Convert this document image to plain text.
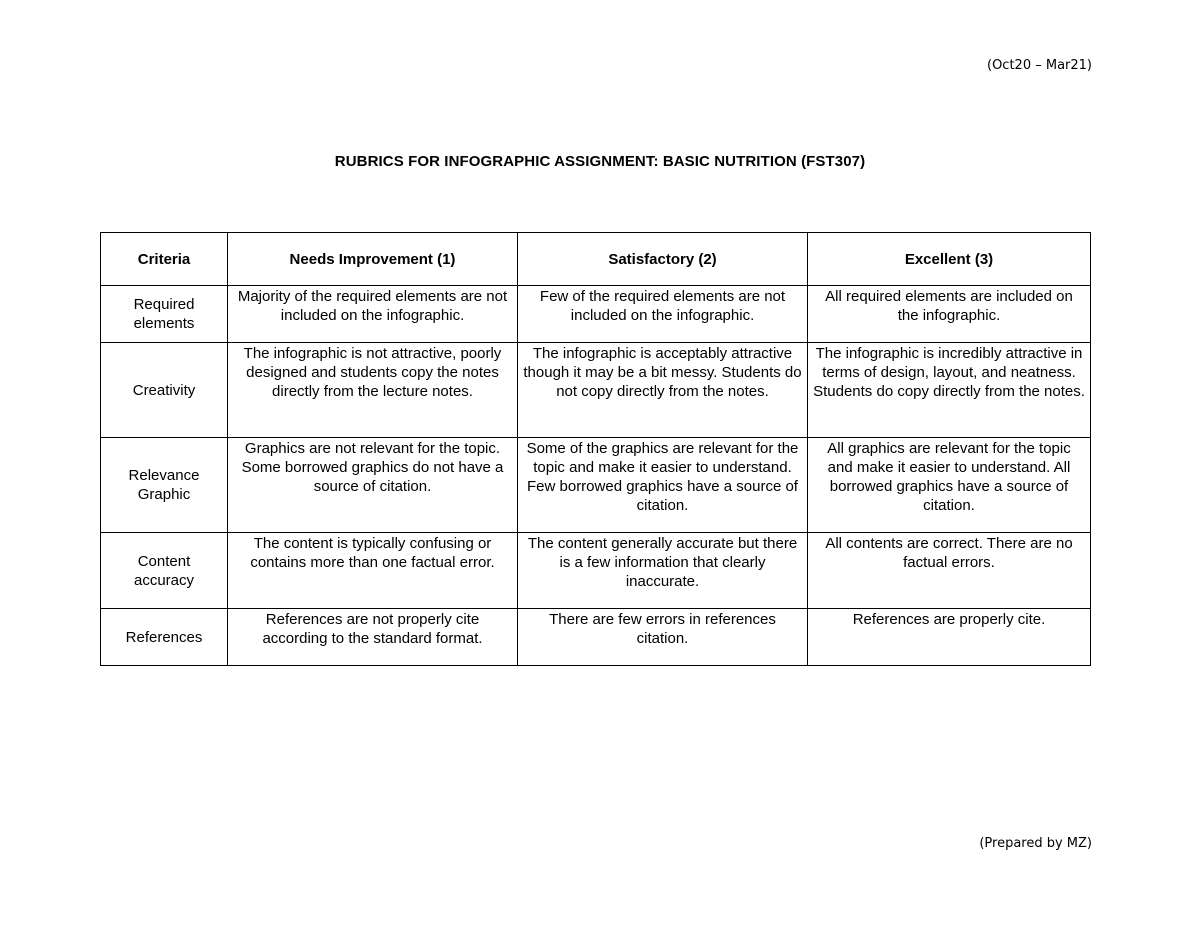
(Oct20 – Mar21)
RUBRICS FOR INFOGRAPHIC ASSIGNMENT: BASIC NUTRITION (FST307)
Criteria	Needs Improvement (1)	Satisfactory (2)	Excellent (3)
Required elements	Majority of the required elements are not included on the infographic.	Few of the required elements are not included on the infographic.	All required elements are included on the infographic.
Creativity	The infographic is not attractive, poorly designed and students copy the notes directly from the lecture notes.	The infographic is acceptably attractive though it may be a bit messy. Students do not copy directly from the notes.	The infographic is incredibly attractive in terms of design, layout, and neatness. Students do copy directly from the notes.
Relevance Graphic	Graphics are not relevant for the topic. Some borrowed graphics do not have a source of citation.	Some of the graphics are relevant for the topic and make it easier to understand. Few borrowed graphics have a source of citation.	All graphics are relevant for the topic and make it easier to understand. All borrowed graphics have a source of citation.
Content accuracy	The content is typically confusing or contains more than one factual error.	The content generally accurate but there is a few information that clearly inaccurate.	All contents are correct. There are no factual errors.
References	References are not properly cite according to the standard format.	There are few errors in references citation.	References are properly cite.
(Prepared by MZ)
